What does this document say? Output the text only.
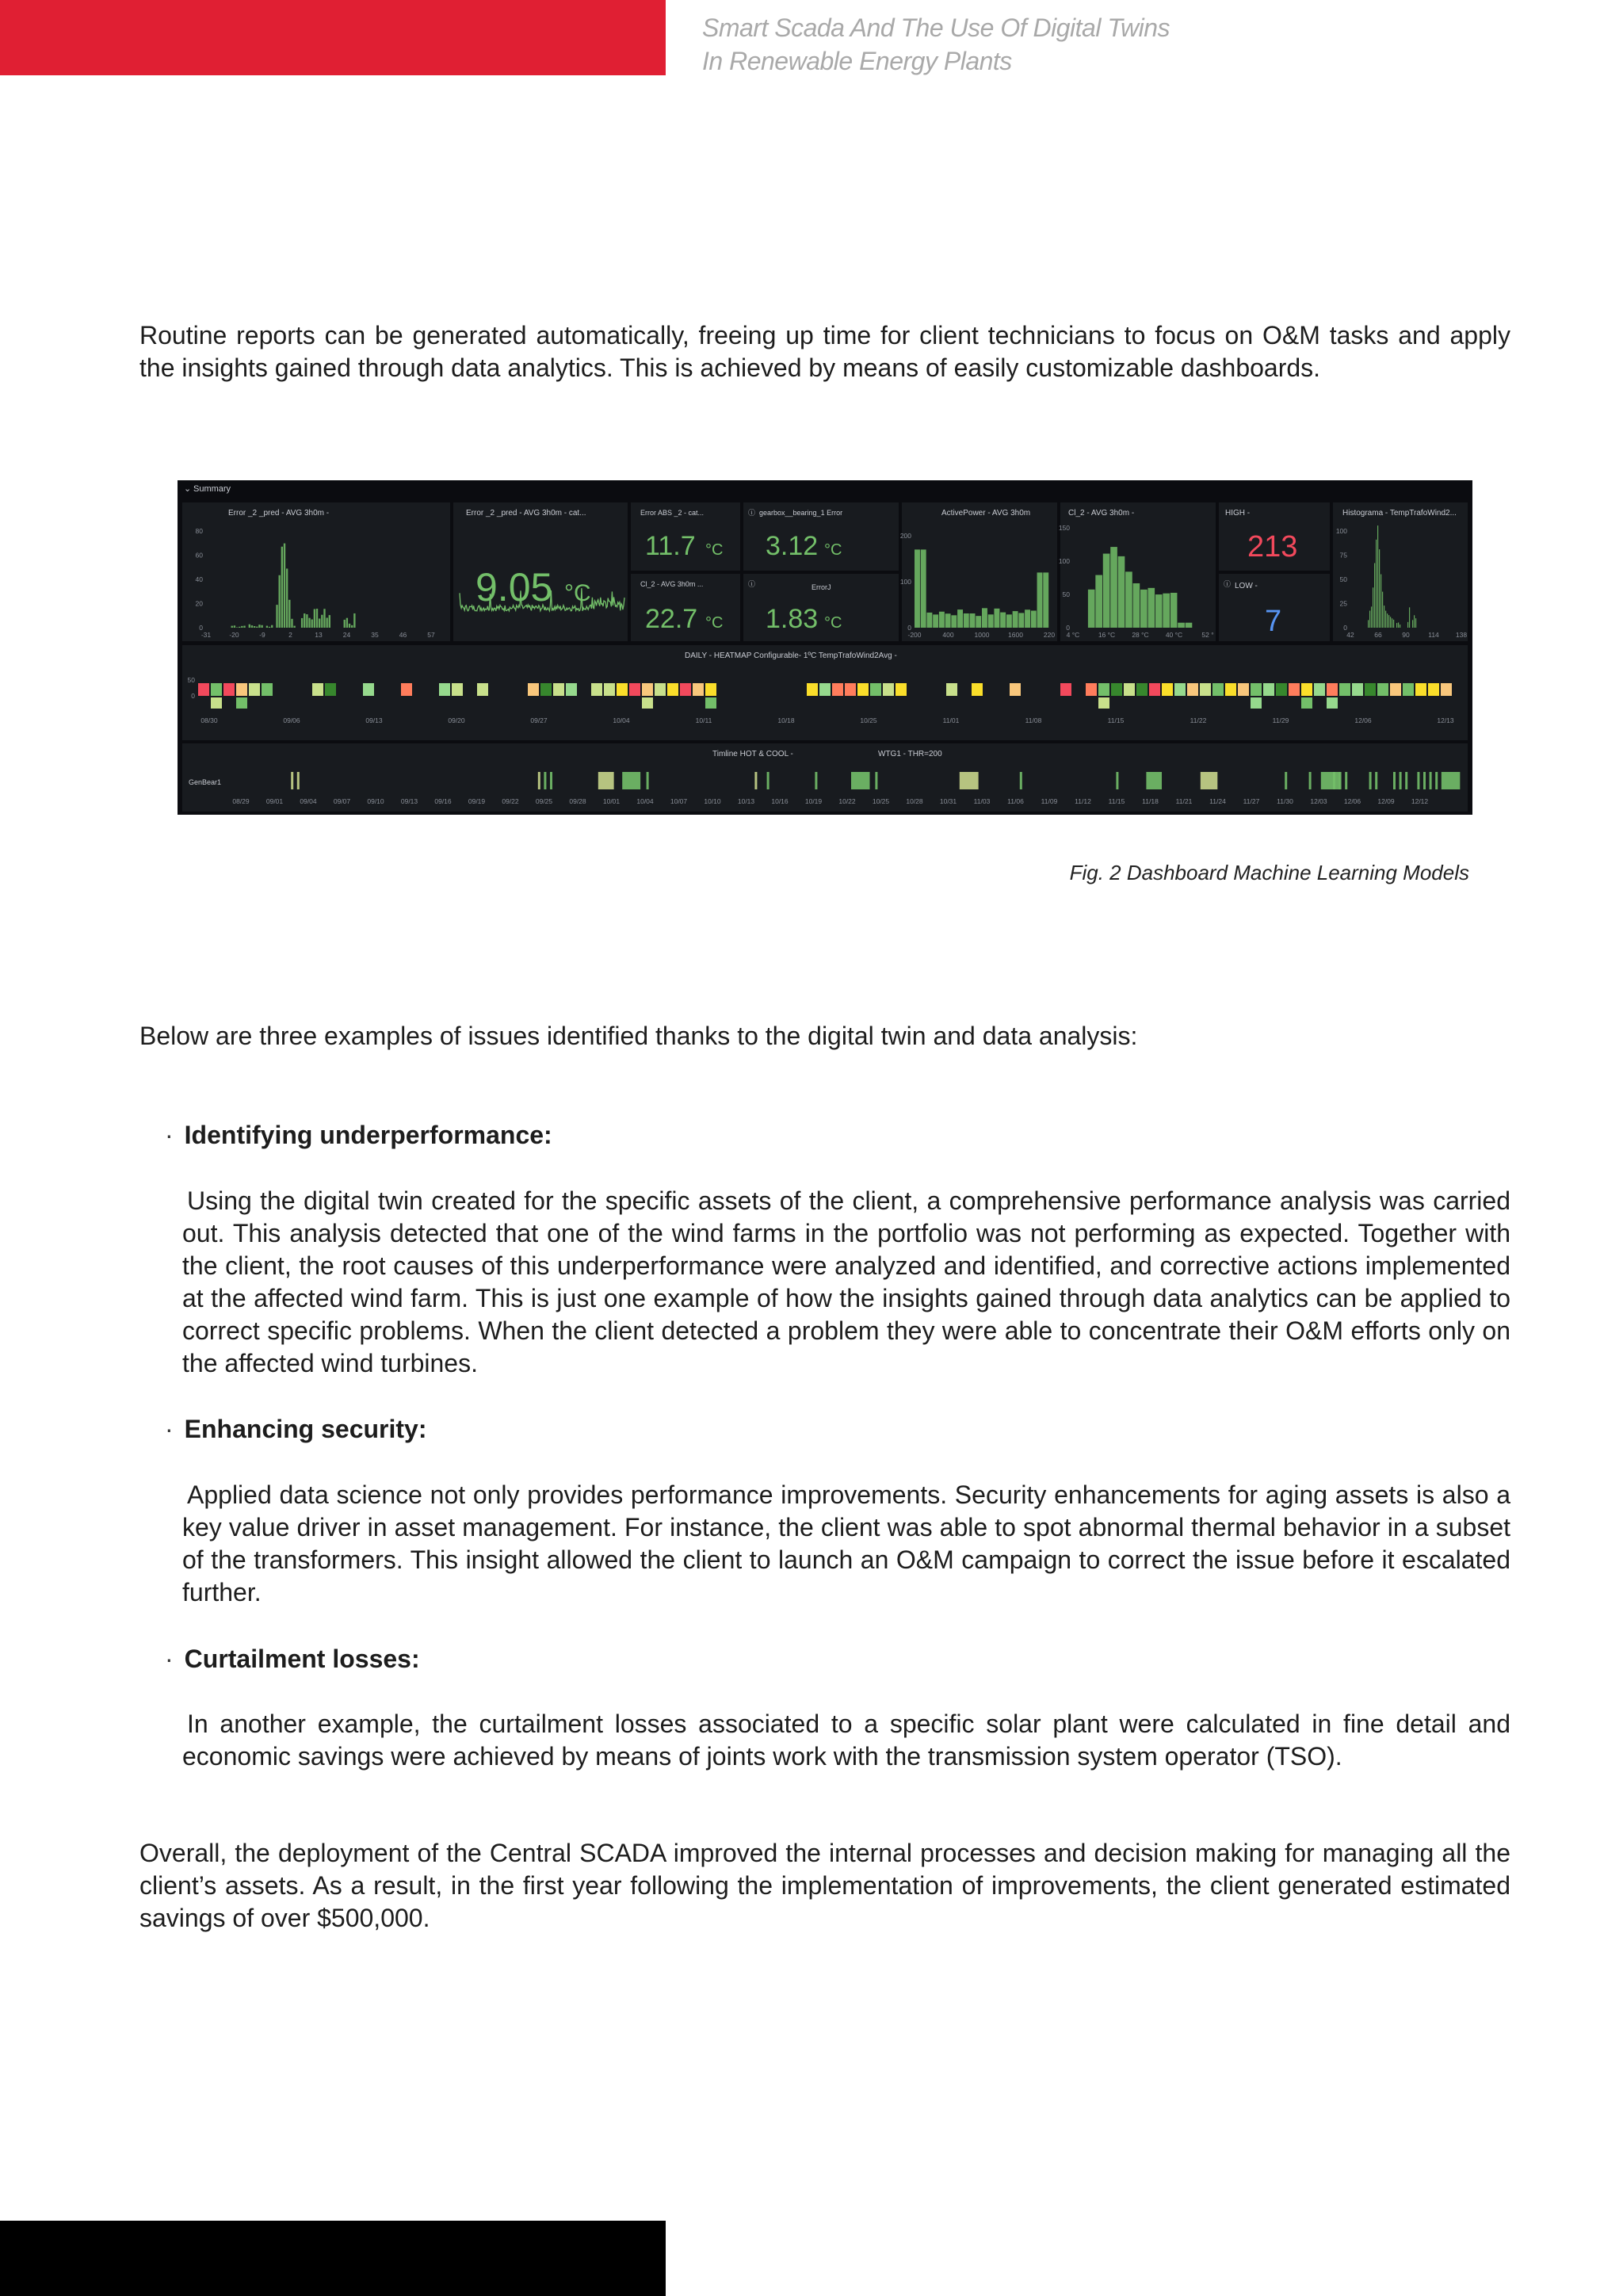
Smart Scada And The Use Of Digital Twins
In Renewable Energy Plants

Routine reports can be generated automatically, freeing up time for client technicians to focus on O&M tasks and apply the insights gained through data analytics. This is achieved by means of easily customizable dashboards.

⌄ Summary
Error _2 _pred - AVG 3h0m -
80
60
40
20
0
-31	-20	-9	2	13	24	35	46	57
Error _2 _pred - AVG 3h0m - cat...
9.05 °C
Error ABS _2 - cat...
11.7 °C
ⓘ gearbox__bearing_1 Error
3.12 °C
Cl_2 - AVG 3h0m ...
22.7 °C
ⓘ	ErrorJ
1.83 °C
ActivePower - AVG 3h0m
200
100
0
-200	400	1000	1600	220
Cl_2 - AVG 3h0m -
150
100
50
0
4 °C	16 °C 28 °C 40 °C	52 °
HIGH -
213
ⓘ LOW -
7
Histograma - TempTrafoWind2...
100
75
50
25
0
42	66	90	114 138
DAILY - HEATMAP Configurable- 1ºC TempTrafoWind2Avg -
50
0
08/30	09/06	09/13	09/20	09/27	10/04	10/11	10/18	10/25	11/01	11/08	11/15	11/22	11/29	12/06	12/13
Timline HOT & COOL -	WTG1 - THR=200
GenBear1
08/29 09/01 09/04 09/07 09/10 09/13 09/16 09/19 09/22 09/25 09/28 10/01 10/04 10/07 10/10 10/13 10/16 10/19 10/22 10/25 10/28 10/31	11/03	11/06	11/09	11/12	11/15	11/18	11/21	11/24	11/27	11/30	12/03 12/06 12/09 12/12
Fig. 2 Dashboard Machine Learning Models

Below are three examples of issues identified thanks to the digital twin and data analysis:

· Identifying underperformance:

Using the digital twin created for the specific assets of the client, a comprehensive performance analysis was carried out. This analysis detected that one of the wind farms in the portfolio was not performing as expected. Together with the client, the root causes of this underperformance were analyzed and identified, and corrective actions implemented at the affected wind farm. This is just one example of how the insights gained through data analytics can be applied to correct specific problems. When the client detected a problem they were able to concentrate their O&M efforts only on the affected wind turbines.

· Enhancing security:

Applied data science not only provides performance improvements. Security enhancements for aging assets is also a key value driver in asset management. For instance, the client was able to spot abnormal thermal behavior in a subset of the transformers. This insight allowed the client to launch an O&M campaign to correct the issue before it escalated further.

· Curtailment losses:

In another example, the curtailment losses associated to a specific solar plant were calculated in fine detail and economic savings were achieved by means of joints work with the transmission system operator (TSO).

Overall, the deployment of the Central SCADA improved the internal processes and decision making for managing all the client’s assets. As a result, in the first year following the implementation of improvements, the client generated estimated savings of over $500,000.
